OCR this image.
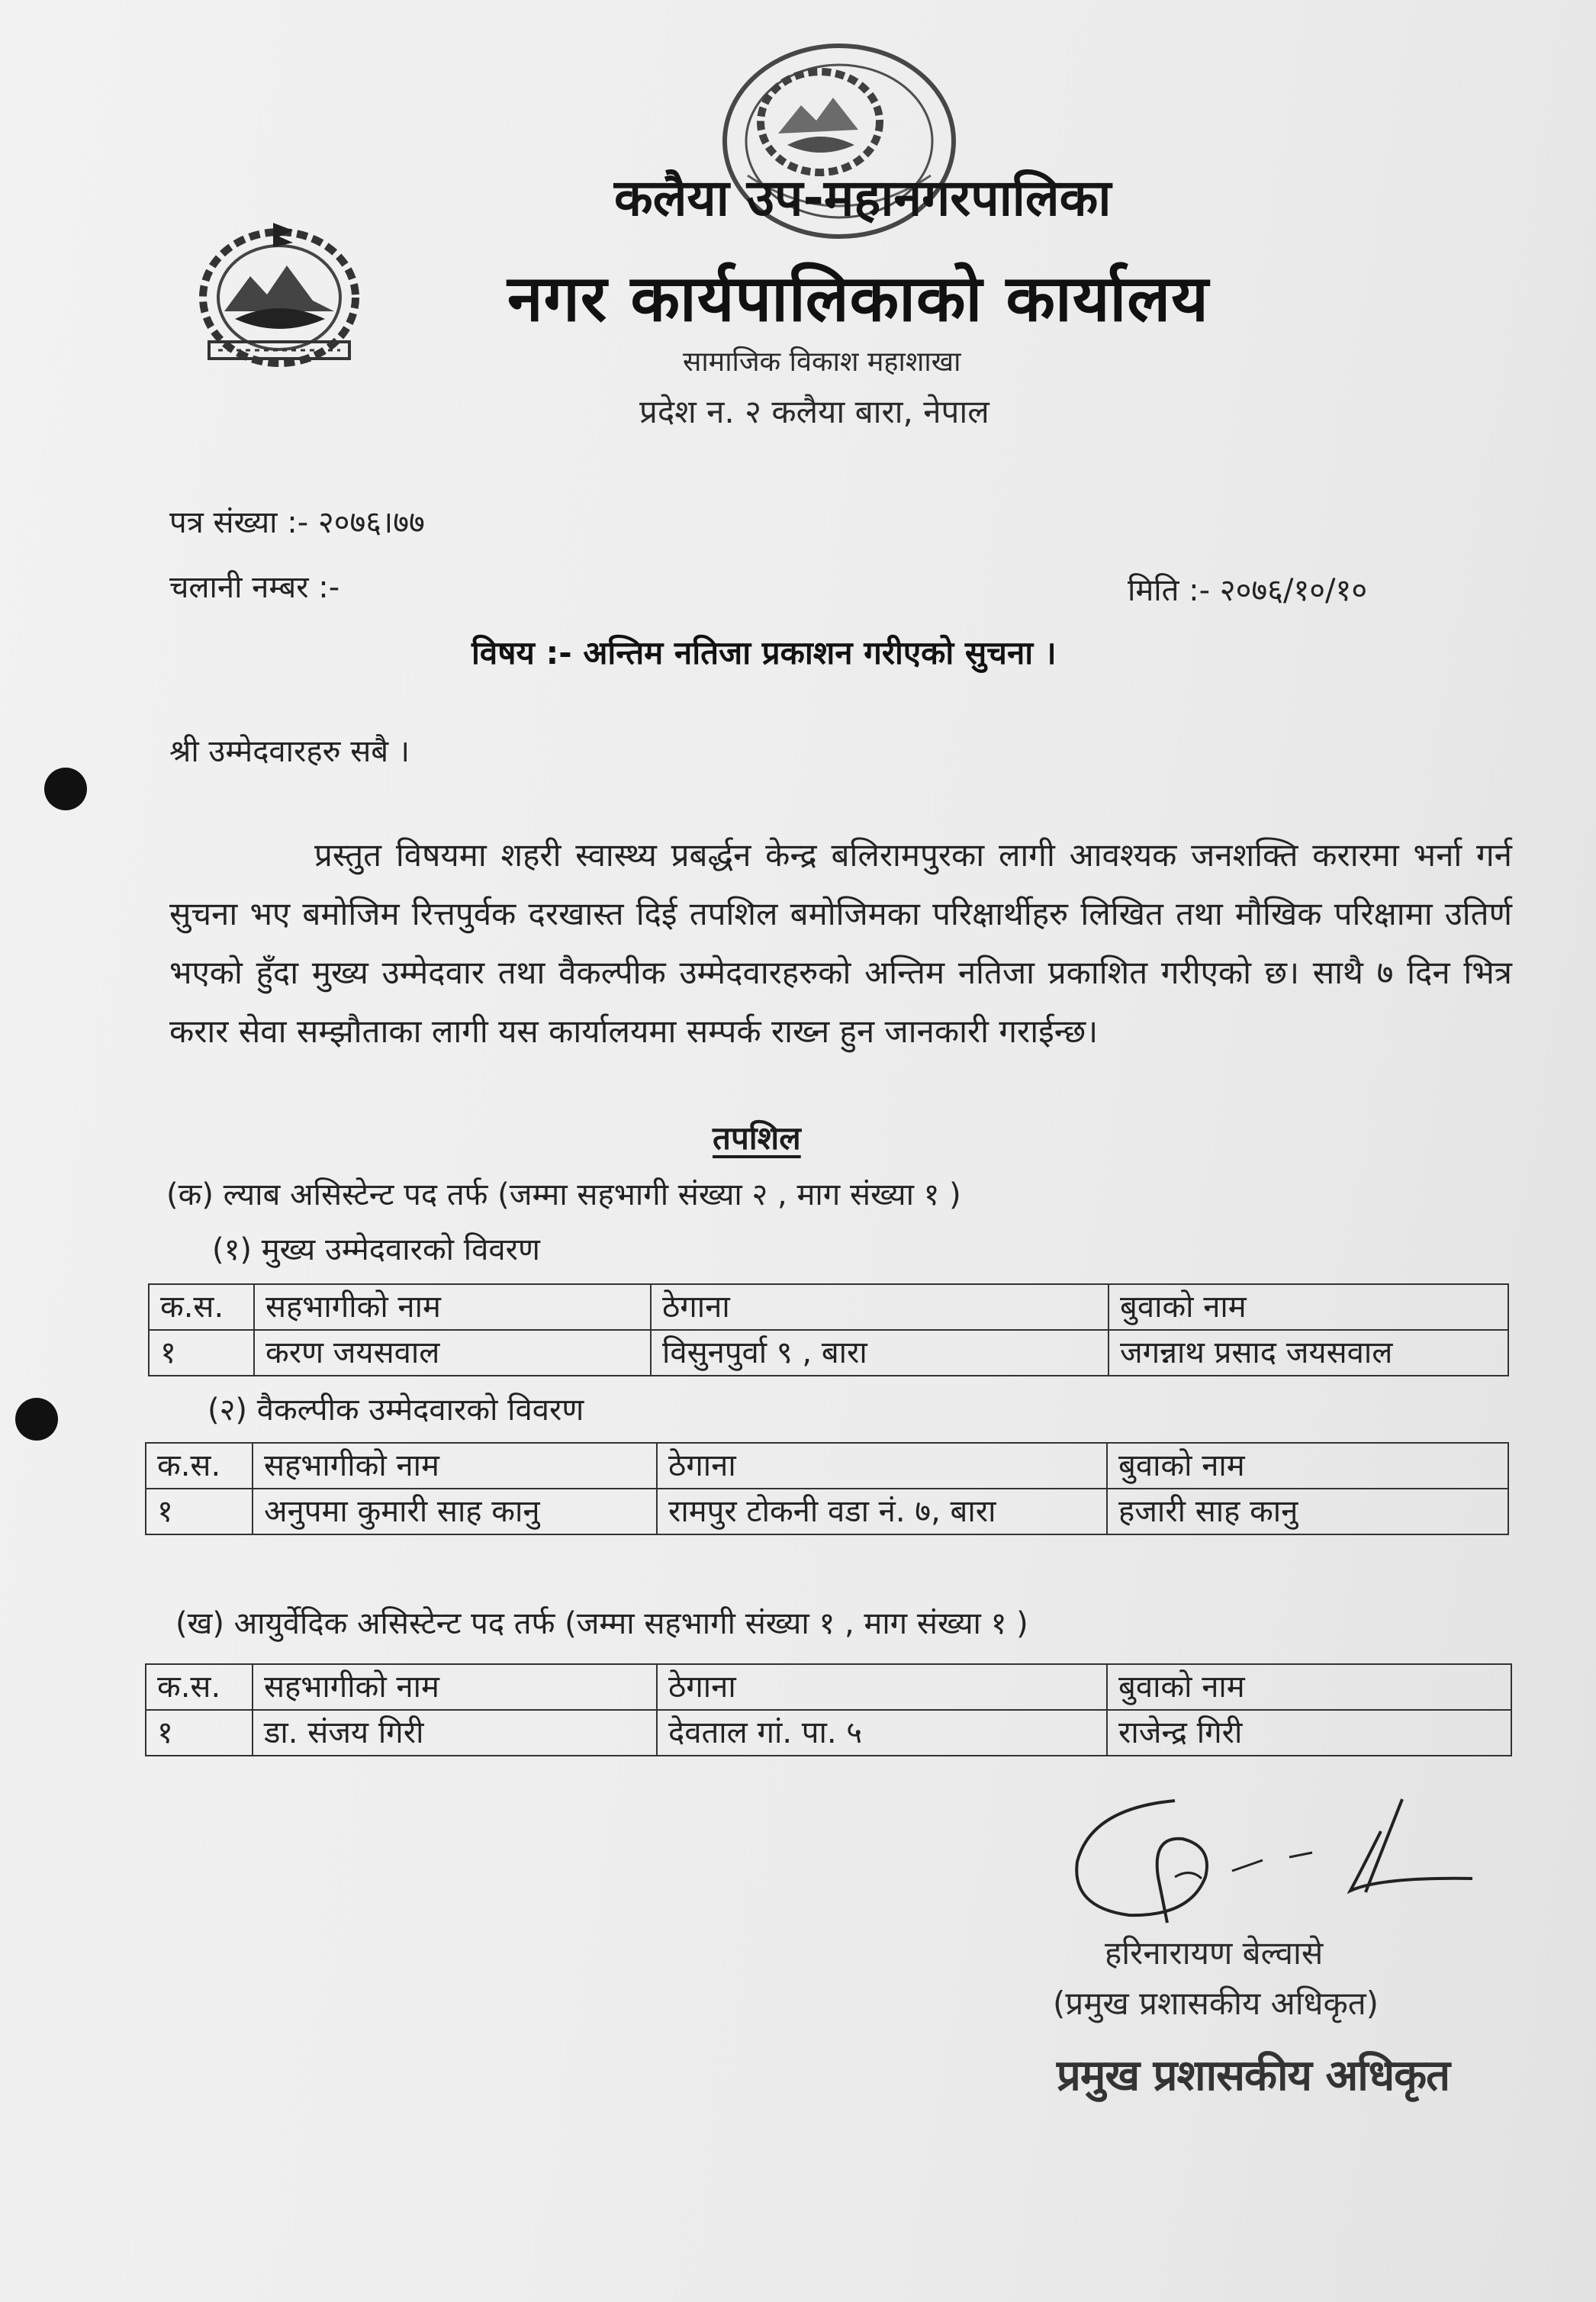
कलैया उप-महानगरपालिका
नगर कार्यपालिकाको कार्यालय
सामाजिक विकाश महाशाखा
प्रदेश न. २ कलैया बारा, नेपाल
पत्र संख्या :- २०७६।७७
चलानी नम्बर :-	मिति :- २०७६/१०/१०
विषय :- अन्तिम नतिजा प्रकाशन गरीएको सुचना ।
श्री उम्मेदवारहरु सबै ।
प्रस्तुत विषयमा शहरी स्वास्थ्य प्रबर्द्धन केन्द्र बलिरामपुरका लागी आवश्यक जनशक्ति करारमा भर्ना गर्न सुचना भए बमोजिम रित्तपुर्वक दरखास्त दिई तपशिल बमोजिमका परिक्षार्थीहरु लिखित तथा मौखिक परिक्षामा उतिर्ण भएको हुँदा मुख्य उम्मेदवार तथा वैकल्पीक उम्मेदवारहरुको अन्तिम नतिजा प्रकाशित गरीएको छ। साथै ७ दिन भित्र करार सेवा सम्झौताका लागी यस कार्यालयमा सम्पर्क राख्न हुन जानकारी गराईन्छ।
तपशिल
(क) ल्याब असिस्टेन्ट पद तर्फ (जम्मा सहभागी संख्या २ , माग संख्या १ )
(१) मुख्य उम्मेदवारको विवरण
क.स.	सहभागीको नाम	ठेगाना	बुवाको नाम
१	करण जयसवाल	विसुनपुर्वा ९ , बारा	जगन्नाथ प्रसाद जयसवाल
(२) वैकल्पीक उम्मेदवारको विवरण
क.स.	सहभागीको नाम	ठेगाना	बुवाको नाम
१	अनुपमा कुमारी साह कानु	रामपुर टोकनी वडा नं. ७, बारा	हजारी साह कानु
(ख) आयुर्वेदिक असिस्टेन्ट पद तर्फ (जम्मा सहभागी संख्या १ , माग संख्या १ )
क.स.	सहभागीको नाम	ठेगाना	बुवाको नाम
१	डा. संजय गिरी	देवताल गां. पा. ५	राजेन्द्र गिरी
हरिनारायण बेल्वासे
(प्रमुख प्रशासकीय अधिकृत)
प्रमुख प्रशासकीय अधिकृत
